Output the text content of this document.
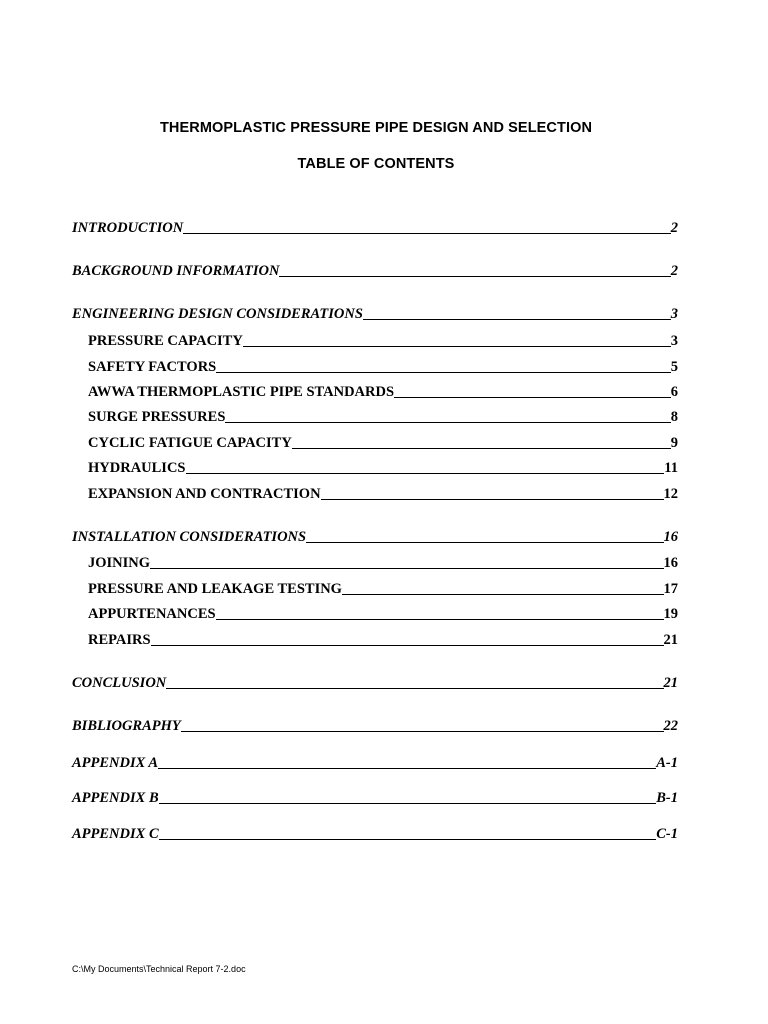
THERMOPLASTIC PRESSURE PIPE DESIGN AND SELECTION
TABLE OF CONTENTS
INTRODUCTION	2
BACKGROUND INFORMATION	2
ENGINEERING DESIGN CONSIDERATIONS	3
PRESSURE CAPACITY	3
SAFETY FACTORS	5
AWWA THERMOPLASTIC PIPE STANDARDS	6
SURGE PRESSURES	8
CYCLIC FATIGUE CAPACITY	9
HYDRAULICS	11
EXPANSION AND CONTRACTION	12
INSTALLATION CONSIDERATIONS	16
JOINING	16
PRESSURE AND LEAKAGE TESTING	17
APPURTENANCES	19
REPAIRS	21
CONCLUSION	21
BIBLIOGRAPHY	22
APPENDIX A	A-1
APPENDIX B	B-1
APPENDIX C	C-1
C:\My Documents\Technical Report 7-2.doc
